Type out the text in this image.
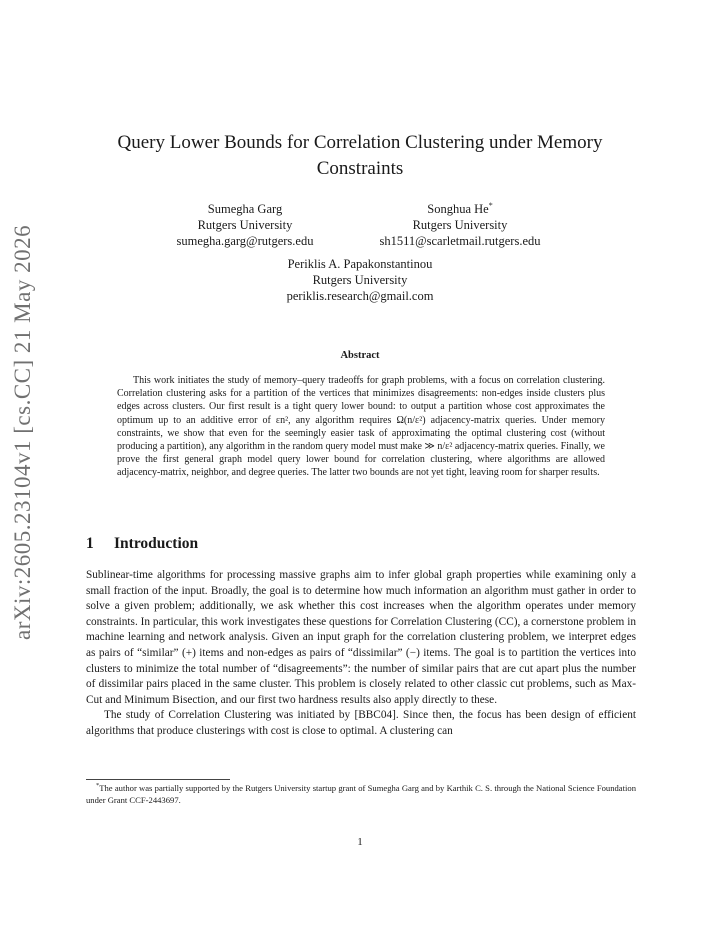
arXiv:2605.23104v1 [cs.CC] 21 May 2026
Query Lower Bounds for Correlation Clustering under Memory Constraints
Sumegha Garg
Rutgers University
sumegha.garg@rutgers.edu
Songhua He*
Rutgers University
sh1511@scarletmail.rutgers.edu
Periklis A. Papakonstantinou
Rutgers University
periklis.research@gmail.com
Abstract
This work initiates the study of memory–query tradeoffs for graph problems, with a focus on correlation clustering. Correlation clustering asks for a partition of the vertices that minimizes disagreements: non-edges inside clusters plus edges across clusters. Our first result is a tight query lower bound: to output a partition whose cost approximates the optimum up to an additive error of εn², any algorithm requires Ω(n/ε²) adjacency-matrix queries. Under memory constraints, we show that even for the seemingly easier task of approximating the optimal clustering cost (without producing a partition), any algorithm in the random query model must make ≫ n/ε² adjacency-matrix queries. Finally, we prove the first general graph model query lower bound for correlation clustering, where algorithms are allowed adjacency-matrix, neighbor, and degree queries. The latter two bounds are not yet tight, leaving room for sharper results.
1 Introduction

Sublinear-time algorithms for processing massive graphs aim to infer global graph properties while examining only a small fraction of the input. Broadly, the goal is to determine how much information an algorithm must gather in order to solve a given problem; additionally, we ask whether this cost increases when the algorithm operates under memory constraints. In particular, this work investigates these questions for Correlation Clustering (CC), a cornerstone problem in machine learning and network analysis. Given an input graph for the correlation clustering problem, we interpret edges as pairs of “similar” (+) items and non-edges as pairs of “dissimilar” (−) items. The goal is to partition the vertices into clusters to minimize the total number of “disagreements”: the number of similar pairs that are cut apart plus the number of dissimilar pairs placed in the same cluster. This problem is closely related to other classic cut problems, such as Max-Cut and Minimum Bisection, and our first two hardness results also apply directly to these.

The study of Correlation Clustering was initiated by [BBC04]. Since then, the focus has been design of efficient algorithms that produce clusterings with cost is close to optimal. A clustering can

*The author was partially supported by the Rutgers University startup grant of Sumegha Garg and by Karthik C. S. through the National Science Foundation under Grant CCF-2443697.
1
